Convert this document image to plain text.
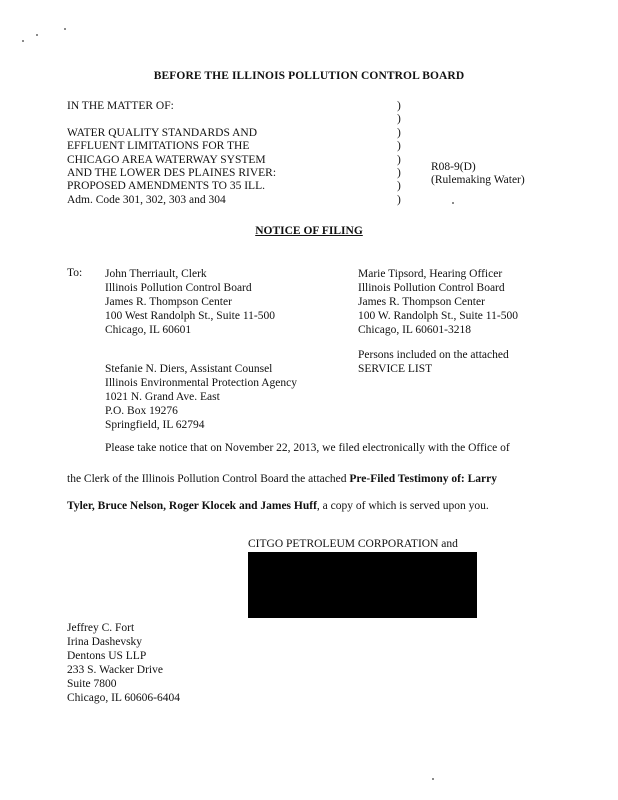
BEFORE THE ILLINOIS POLLUTION CONTROL BOARD
IN THE MATTER OF:

WATER QUALITY STANDARDS AND
EFFLUENT LIMITATIONS FOR THE
CHICAGO AREA WATERWAY SYSTEM
AND THE LOWER DES PLAINES RIVER:
PROPOSED AMENDMENTS TO 35 ILL.
Adm. Code 301, 302, 303 and 304
)
)
)
)
)
)
)
)
R08-9(D)
(Rulemaking Water)
NOTICE OF FILING
To: John Therriault, Clerk
Illinois Pollution Control Board
James R. Thompson Center
100 West Randolph St., Suite 11-500
Chicago, IL 60601
Marie Tipsord, Hearing Officer
Illinois Pollution Control Board
James R. Thompson Center
100 W. Randolph St., Suite 11-500
Chicago, IL 60601-3218
Persons included on the attached
SERVICE LIST
Stefanie N. Diers, Assistant Counsel
Illinois Environmental Protection Agency
1021 N. Grand Ave. East
P.O. Box 19276
Springfield, IL 62794
Please take notice that on November 22, 2013, we filed electronically with the Office of
the Clerk of the Illinois Pollution Control Board the attached Pre-Filed Testimony of: Larry
Tyler, Bruce Nelson, Roger Klocek and James Huff, a copy of which is served upon you.
CITGO PETROLEUM CORPORATION and
Jeffrey C. Fort
Irina Dashevsky
Dentons US LLP
233 S. Wacker Drive
Suite 7800
Chicago, IL 60606-6404
